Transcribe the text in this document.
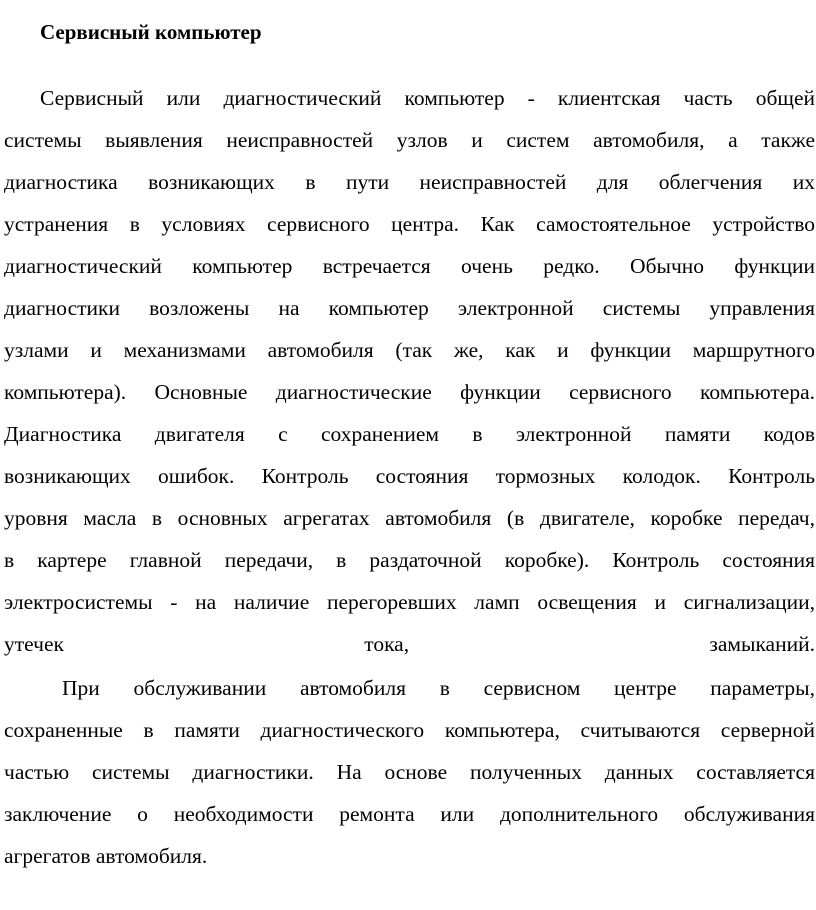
Сервисный компьютер
Сервисный или диагностический компьютер - клиентская часть общей
системы выявления неисправностей узлов и систем автомобиля, а также
диагностика возникающих в пути неисправностей для облегчения их
устранения в условиях сервисного центра. Как самостоятельное устройство
диагностический компьютер встречается очень редко. Обычно функции
диагностики возложены на компьютер электронной системы управления
узлами и механизмами автомобиля (так же, как и функции маршрутного
компьютера). Основные диагностические функции сервисного компьютера.
Диагностика двигателя с сохранением в электронной памяти кодов
возникающих ошибок. Контроль состояния тормозных колодок. Контроль
уровня масла в основных агрегатах автомобиля (в двигателе, коробке передач,
в картере главной передачи, в раздаточной коробке). Контроль состояния
электросистемы - на наличие перегоревших ламп освещения и сигнализации,
утечек тока, замыканий.
При обслуживании автомобиля в сервисном центре параметры,
сохраненные в памяти диагностического компьютера, считываются серверной
частью системы диагностики. На основе полученных данных составляется
заключение о необходимости ремонта или дополнительного обслуживания
агрегатов автомобиля.
